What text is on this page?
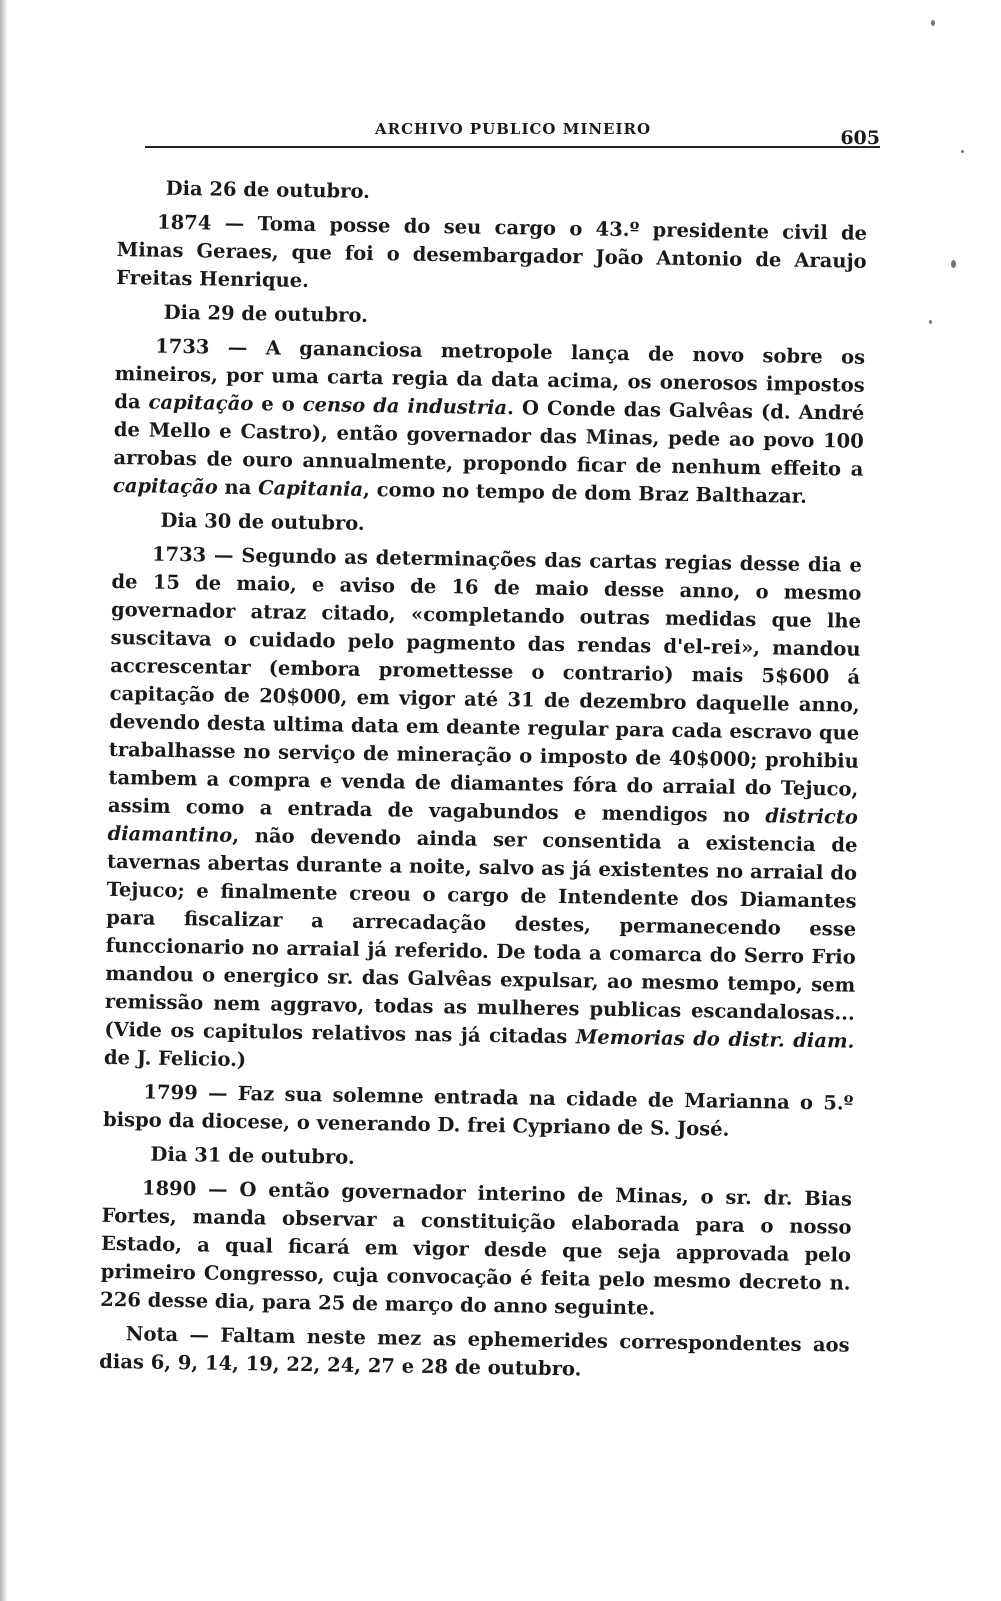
ARCHIVO PUBLICO MINEIRO	605
Dia 26 de outubro.

1874 — Toma posse do seu cargo o 43.º presidente civil de Minas Geraes, que foi o desembargador João Antonio de Araujo Freitas Henrique.

Dia 29 de outubro.

1733 — A gananciosa metropole lança de novo sobre os mineiros, por uma carta regia da data acima, os onerosos impostos da capitação e o censo da industria. O Conde das Galvêas (d. André de Mello e Castro), então governador das Minas, pede ao povo 100 arrobas de ouro annualmente, propondo ficar de nenhum effeito a capitação na Capitania, como no tempo de dom Braz Balthazar.

Dia 30 de outubro.

1733 — Segundo as determinações das cartas regias desse dia e de 15 de maio, e aviso de 16 de maio desse anno, o mesmo governador atraz citado, «completando outras medidas que lhe suscitava o cuidado pelo pagmento das rendas d'el-rei», mandou accrescentar (embora promettesse o contrario) mais 5$600 á capitação de 20$000, em vigor até 31 de dezembro daquelle anno, devendo desta ultima data em deante regular para cada escravo que trabalhasse no serviço de mineração o imposto de 40$000; prohibiu tambem a compra e venda de diamantes fóra do arraial do Tejuco, assim como a entrada de vagabundos e mendigos no districto diamantino, não devendo ainda ser consentida a existencia de tavernas abertas durante a noite, salvo as já existentes no arraial do Tejuco; e finalmente creou o cargo de Intendente dos Diamantes para fiscalizar a arrecadação destes, permanecendo esse funccionario no arraial já referido. De toda a comarca do Serro Frio mandou o energico sr. das Galvêas expulsar, ao mesmo tempo, sem remissão nem aggravo, todas as mulheres publicas escandalosas... (Vide os capitulos relativos nas já citadas Memorias do distr. diam. de J. Felicio.)

1799 — Faz sua solemne entrada na cidade de Marianna o 5.º bispo da diocese, o venerando D. frei Cypriano de S. José.

Dia 31 de outubro.

1890 — O então governador interino de Minas, o sr. dr. Bias Fortes, manda observar a constituição elaborada para o nosso Estado, a qual ficará em vigor desde que seja approvada pelo primeiro Congresso, cuja convocação é feita pelo mesmo decreto n. 226 desse dia, para 25 de março do anno seguinte.

Nota — Faltam neste mez as ephemerides correspondentes aos dias 6, 9, 14, 19, 22, 24, 27 e 28 de outubro.
